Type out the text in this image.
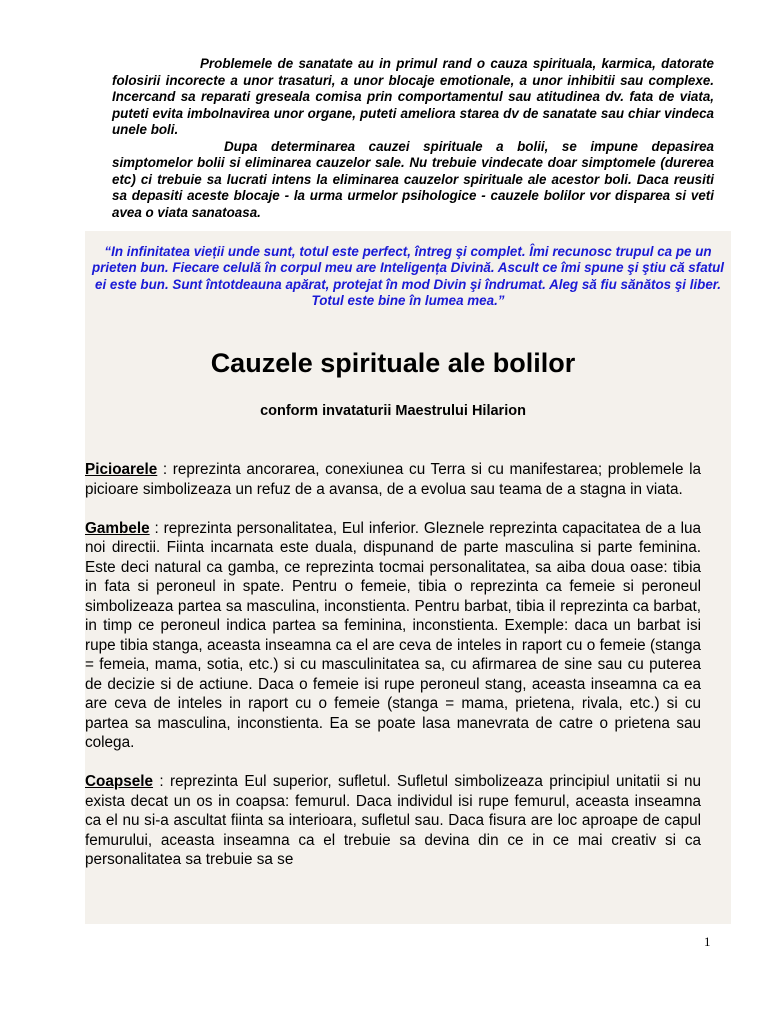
Problemele de sanatate au in primul rand o cauza spirituala, karmica, datorate folosirii incorecte a unor trasaturi, a unor blocaje emotionale, a unor inhibitii sau complexe. Incercand sa reparati greseala comisa prin comportamentul sau atitudinea dv. fata de viata, puteti evita imbolnavirea unor organe, puteti ameliora starea dv de sanatate sau chiar vindeca unele boli.

Dupa determinarea cauzei spirituale a bolii, se impune depasirea simptomelor bolii si eliminarea cauzelor sale. Nu trebuie vindecate doar simptomele (durerea etc) ci trebuie sa lucrati intens la eliminarea cauzelor spirituale ale acestor boli. Daca reusiti sa depasiti aceste blocaje - la urma urmelor psihologice - cauzele bolilor vor disparea si veti avea o viata sanatoasa.

“In infinitatea vieții unde sunt, totul este perfect, întreg şi complet. Îmi recunosc trupul ca pe un prieten bun. Fiecare celulă în corpul meu are Inteligența Divină. Ascult ce îmi spune şi ştiu că sfatul ei este bun. Sunt întotdeauna apărat, protejat în mod Divin şi îndrumat. Aleg să fiu sănătos şi liber. Totul este bine în lumea mea.”

Cauzele spirituale ale bolilor
conform invataturii Maestrului Hilarion

Picioarele : reprezinta ancorarea, conexiunea cu Terra si cu manifestarea; problemele la picioare simbolizeaza un refuz de a avansa, de a evolua sau teama de a stagna in viata.

Gambele : reprezinta personalitatea, Eul inferior. Gleznele reprezinta capacitatea de a lua noi directii. Fiinta incarnata este duala, dispunand de parte masculina si parte feminina. Este deci natural ca gamba, ce reprezinta tocmai personalitatea, sa aiba doua oase: tibia in fata si peroneul in spate. Pentru o femeie, tibia o reprezinta ca femeie si peroneul simbolizeaza partea sa masculina, inconstienta. Pentru barbat, tibia il reprezinta ca barbat, in timp ce peroneul indica partea sa feminina, inconstienta. Exemple: daca un barbat isi rupe tibia stanga, aceasta inseamna ca el are ceva de inteles in raport cu o femeie (stanga = femeia, mama, sotia, etc.) si cu masculinitatea sa, cu afirmarea de sine sau cu puterea de decizie si de actiune. Daca o femeie isi rupe peroneul stang, aceasta inseamna ca ea are ceva de inteles in raport cu o femeie (stanga = mama, prietena, rivala, etc.) si cu partea sa masculina, inconstienta. Ea se poate lasa manevrata de catre o prietena sau colega.

Coapsele : reprezinta Eul superior, sufletul. Sufletul simbolizeaza principiul unitatii si nu exista decat un os in coapsa: femurul. Daca individul isi rupe femurul, aceasta inseamna ca el nu si-a ascultat fiinta sa interioara, sufletul sau. Daca fisura are loc aproape de capul femurului, aceasta inseamna ca el trebuie sa devina din ce in ce mai creativ si ca personalitatea sa trebuie sa se

1
